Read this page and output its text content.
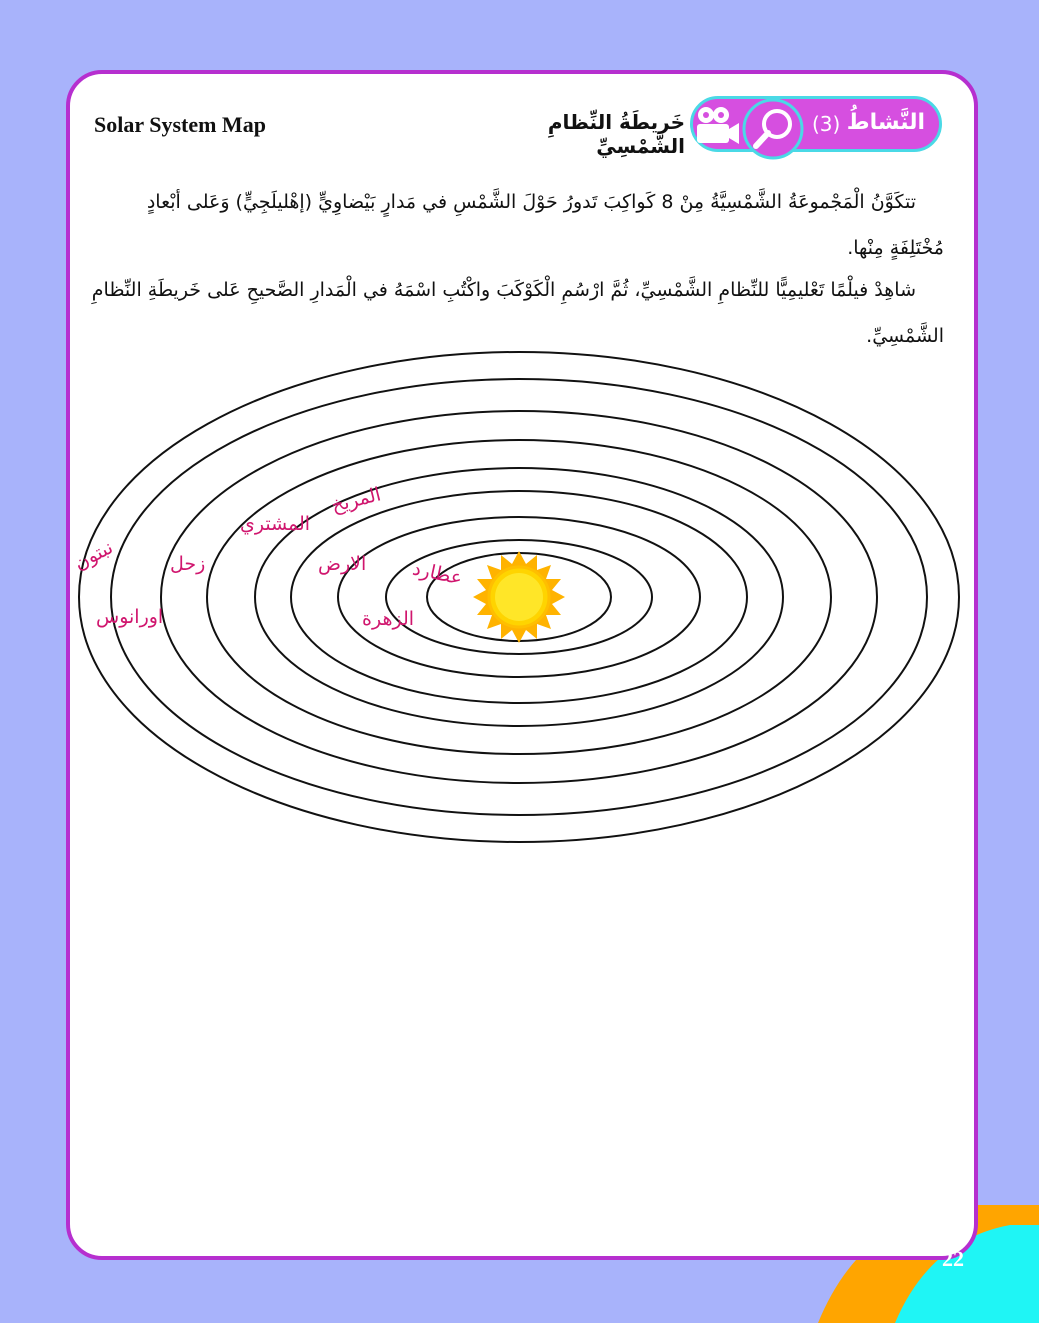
Solar System Map	خَريطَةُ النِّظامِ الشَّمْسِيِّ
النَّشاطُ
(3)

تتكَوَّنُ الْمَجْموعَةُ الشَّمْسِيَّةُ مِنْ 8 كَواكِبَ تَدورُ حَوْلَ الشَّمْسِ في مَدارٍ بَيْضاوِيٍّ (إهْليلَجِيٍّ) وَعَلى أبْعادٍ مُخْتَلِفَةٍ مِنْها.

شاهِدْ فيلْمًا تَعْليمِيًّا للنِّظامِ الشَّمْسِيِّ، ثُمَّ ارْسُمِ الْكَوْكَبَ واكْتُبِ اسْمَهُ في الْمَدارِ الصَّحيحِ عَلى خَريطَةِ النِّظامِ الشَّمْسِيِّ.

عطارد
الزهرة
الارض
المريخ
المشتري
زحل
اورانوس
نبتون
22
